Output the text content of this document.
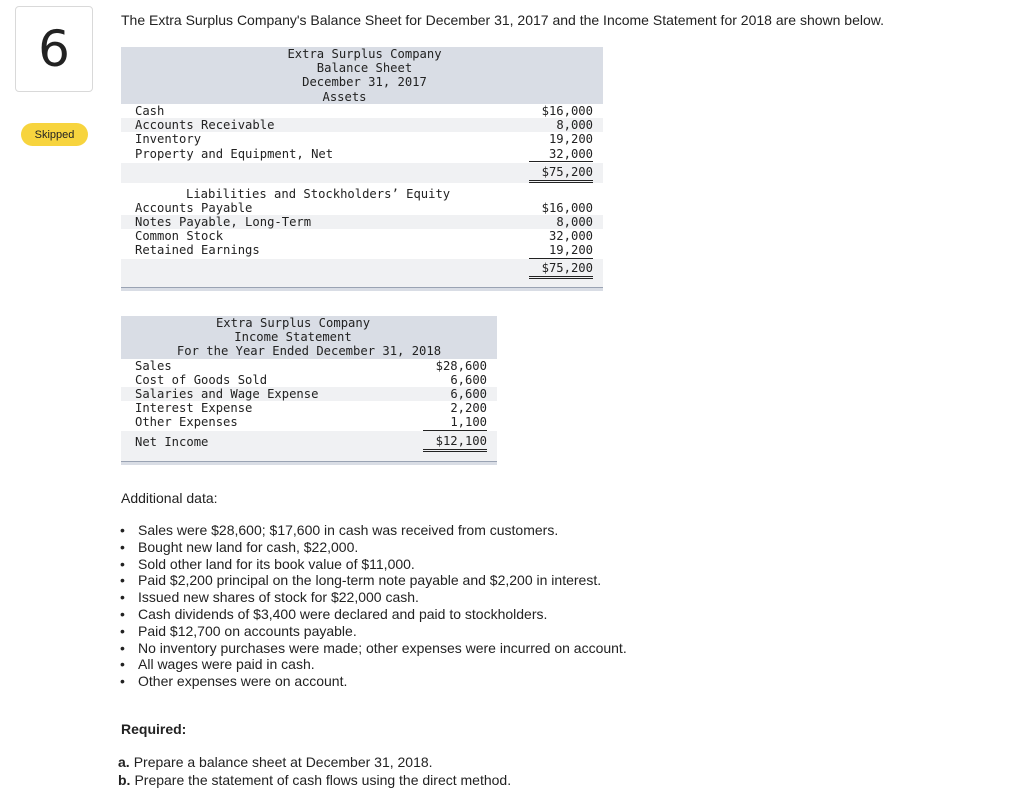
6
Skipped
The Extra Surplus Company's Balance Sheet for December 31, 2017 and the Income Statement for 2018 are shown below.
Extra Surplus Company
Balance Sheet
December 31, 2017
Assets
Cash	$16,000
Accounts Receivable	8,000
Inventory	19,200
Property and Equipment, Net	32,000
$75,200
Liabilities and Stockholders’ Equity
Accounts Payable	$16,000
Notes Payable, Long-Term	8,000
Common Stock	32,000
Retained Earnings	19,200
$75,200
Extra Surplus Company
Income Statement
For the Year Ended December 31, 2018
Sales	$28,600
Cost of Goods Sold	6,600
Salaries and Wage Expense	6,600
Interest Expense	2,200
Other Expenses	1,100
Net Income	$12,100
Additional data:
• Sales were $28,600; $17,600 in cash was received from customers.
• Bought new land for cash, $22,000.
• Sold other land for its book value of $11,000.
• Paid $2,200 principal on the long-term note payable and $2,200 in interest.
• Issued new shares of stock for $22,000 cash.
• Cash dividends of $3,400 were declared and paid to stockholders.
• Paid $12,700 on accounts payable.
• No inventory purchases were made; other expenses were incurred on account.
• All wages were paid in cash.
• Other expenses were on account.
Required:
a. Prepare a balance sheet at December 31, 2018.
b. Prepare the statement of cash flows using the direct method.
